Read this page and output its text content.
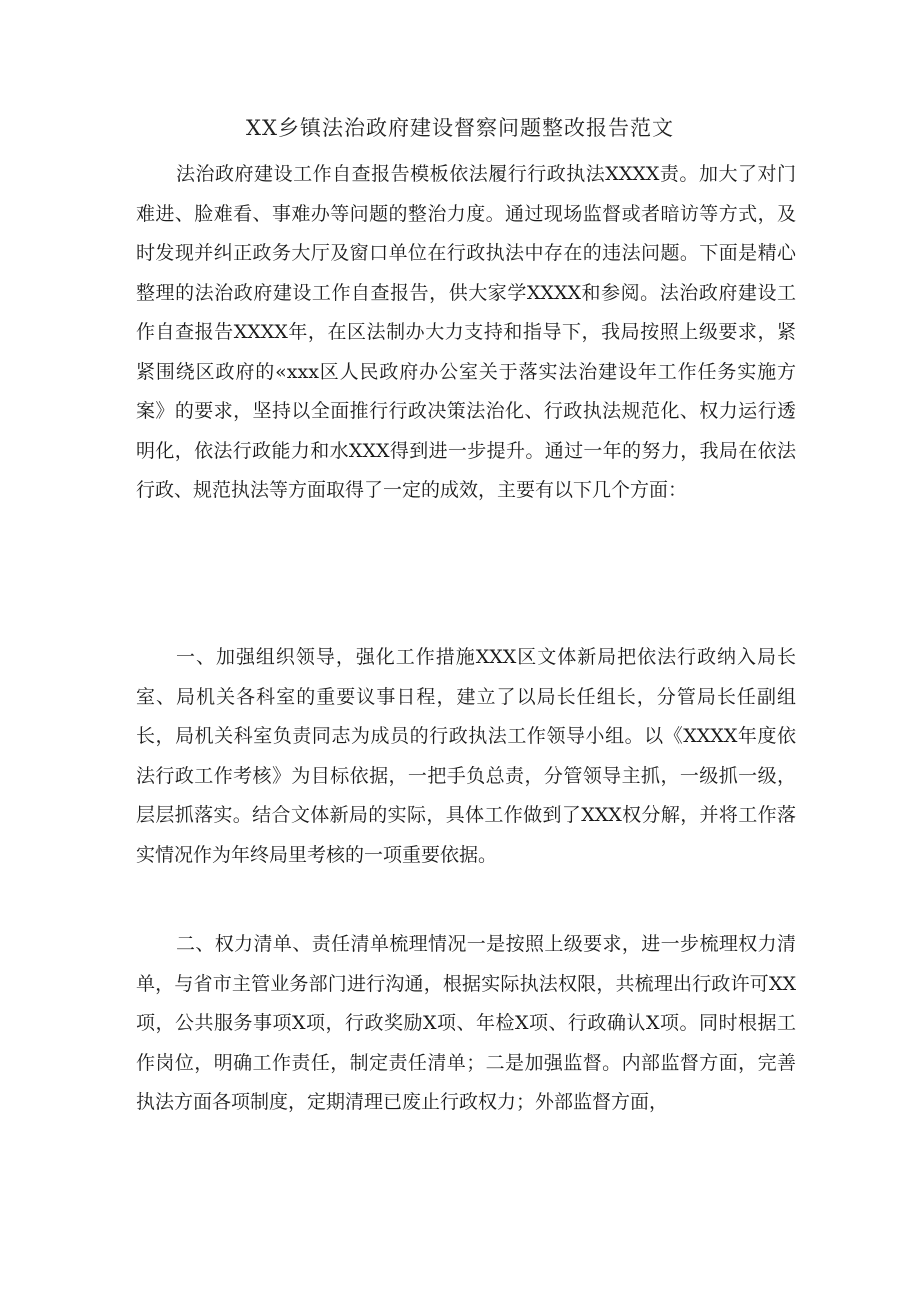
XX乡镇法治政府建设督察问题整改报告范文

法治政府建设工作自查报告模板依法履行行政执法XXXX责。加大了对门难进、脸难看、事难办等问题的整治力度。通过现场监督或者暗访等方式，及时发现并纠正政务大厅及窗口单位在行政执法中存在的违法问题。下面是精心整理的法治政府建设工作自查报告，供大家学XXXX和参阅。法治政府建设工作自查报告XXXX年，在区法制办大力支持和指导下，我局按照上级要求，紧紧围绕区政府的«xxx区人民政府办公室关于落实法治建设年工作任务实施方案》的要求，坚持以全面推行行政决策法治化、行政执法规范化、权力运行透明化，依法行政能力和水XXX得到进一步提升。通过一年的努力，我局在依法行政、规范执法等方面取得了一定的成效，主要有以下几个方面：

一、加强组织领导，强化工作措施XXX区文体新局把依法行政纳入局长室、局机关各科室的重要议事日程，建立了以局长任组长，分管局长任副组长，局机关科室负责同志为成员的行政执法工作领导小组。以《XXXX年度依法行政工作考核》为目标依据，一把手负总责，分管领导主抓，一级抓一级，层层抓落实。结合文体新局的实际，具体工作做到了XXX权分解，并将工作落实情况作为年终局里考核的一项重要依据。

二、权力清单、责任清单梳理情况一是按照上级要求，进一步梳理权力清单，与省市主管业务部门进行沟通，根据实际执法权限，共梳理出行政许可XX项，公共服务事项X项，行政奖励X项、年检X项、行政确认X项。同时根据工作岗位，明确工作责任，制定责任清单；二是加强监督。内部监督方面，完善执法方面各项制度，定期清理已废止行政权力；外部监督方面，
